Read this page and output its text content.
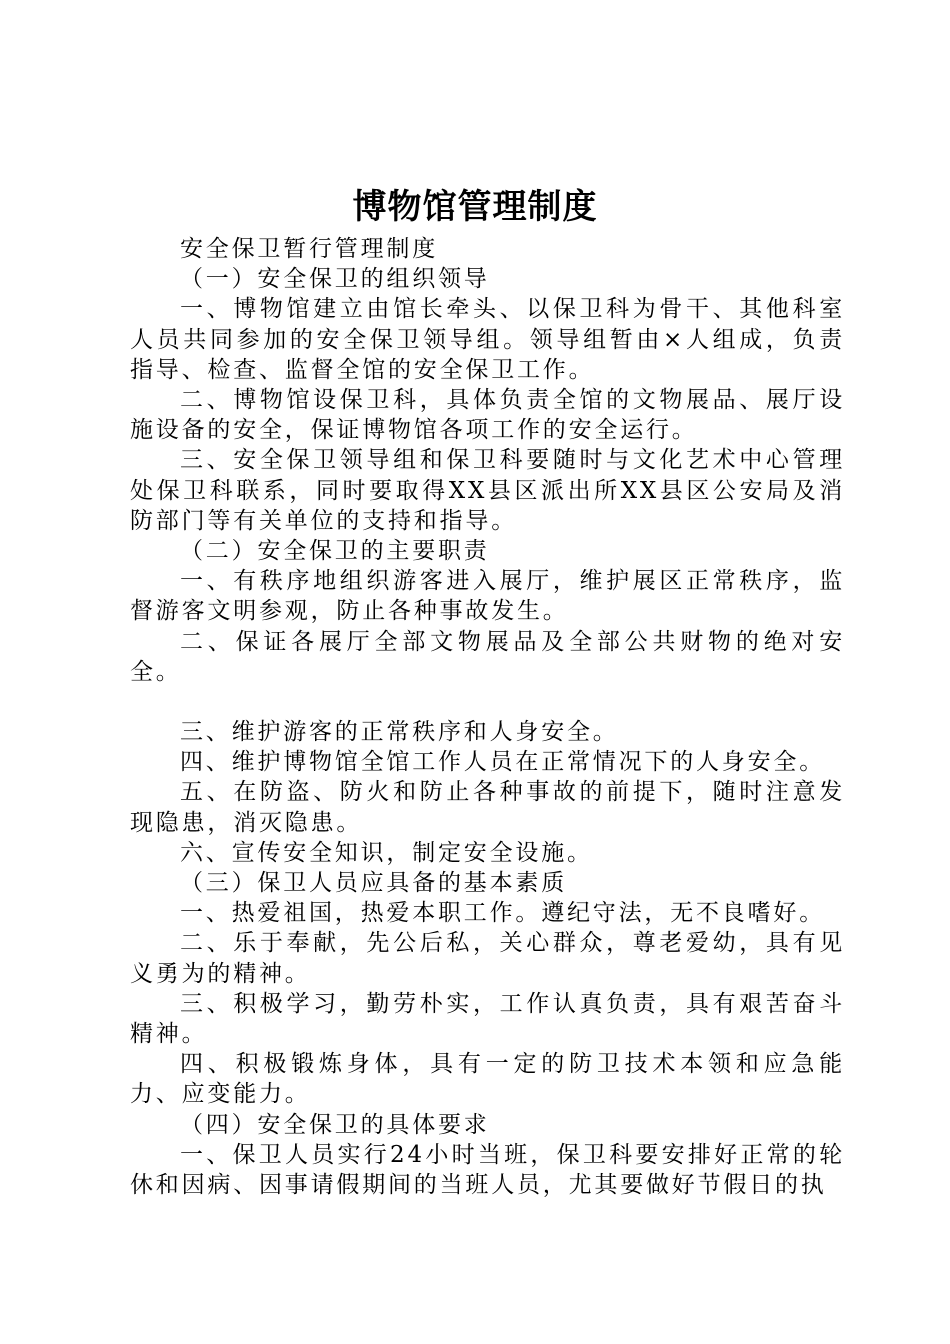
博物馆管理制度

安全保卫暂行管理制度

（一）安全保卫的组织领导

一、博物馆建立由馆长牵头、以保卫科为骨干、其他科室人员共同参加的安全保卫领导组。领导组暂由×人组成，负责指导、检查、监督全馆的安全保卫工作。

二、博物馆设保卫科，具体负责全馆的文物展品、展厅设施设备的安全，保证博物馆各项工作的安全运行。

三、安全保卫领导组和保卫科要随时与文化艺术中心管理处保卫科联系，同时要取得XX县区派出所XX县区公安局及消防部门等有关单位的支持和指导。

（二）安全保卫的主要职责

一、有秩序地组织游客进入展厅，维护展区正常秩序，监督游客文明参观，防止各种事故发生。

二、保证各展厅全部文物展品及全部公共财物的绝对安全。

三、维护游客的正常秩序和人身安全。

四、维护博物馆全馆工作人员在正常情况下的人身安全。

五、在防盗、防火和防止各种事故的前提下，随时注意发现隐患，消灭隐患。

六、宣传安全知识，制定安全设施。

（三）保卫人员应具备的基本素质

一、热爱祖国，热爱本职工作。遵纪守法，无不良嗜好。

二、乐于奉献，先公后私，关心群众，尊老爱幼，具有见义勇为的精神。

三、积极学习，勤劳朴实，工作认真负责，具有艰苦奋斗精神。

四、积极锻炼身体，具有一定的防卫技术本领和应急能力、应变能力。

（四）安全保卫的具体要求

一、保卫人员实行24小时当班，保卫科要安排好正常的轮休和因病、因事请假期间的当班人员，尤其要做好节假日的执
